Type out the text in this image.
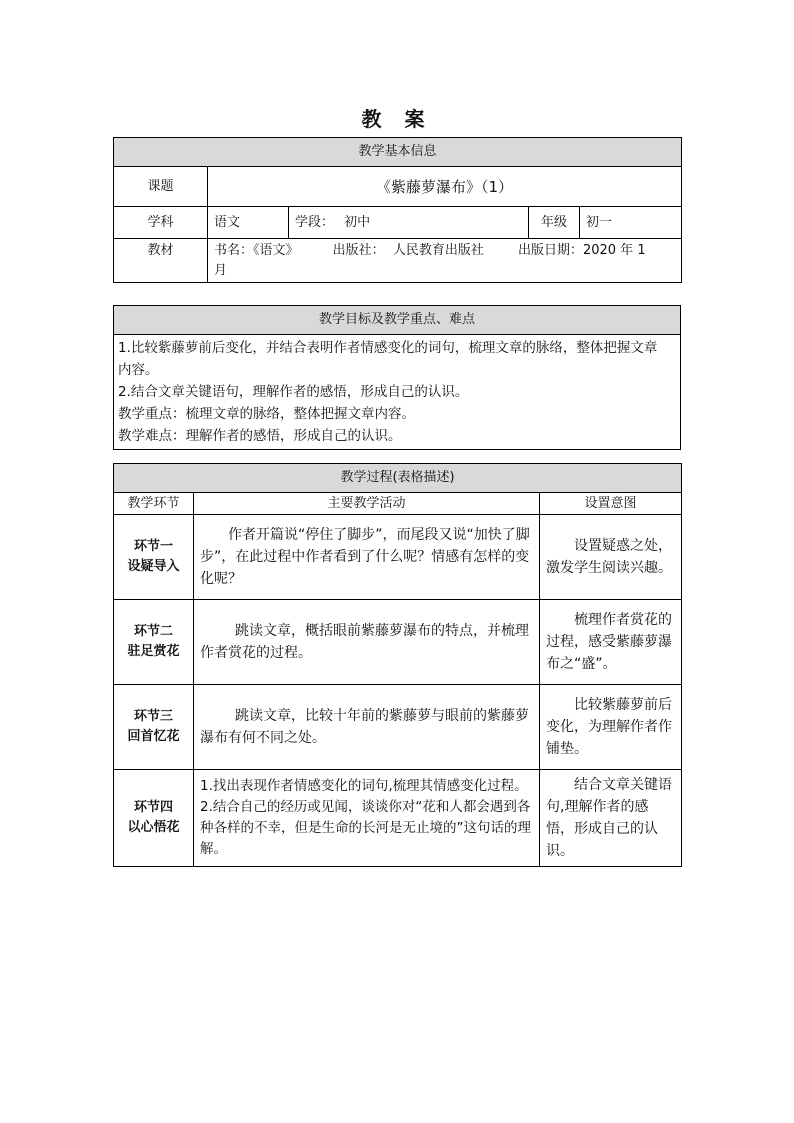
教 案
教学基本信息				
课题	《紫藤萝瀑布》（1）			
学科	语文	学段： 初中	年级	初一
教材	书名：《语文》 出版社： 人民教育出版社 出版日期：2020 年 1
月			
教学目标及教学重点、难点

1.比较紫藤萝前后变化，并结合表明作者情感变化的词句，梳理文章的脉络，整体把握文章
内容。
2.结合文章关键语句，理解作者的感悟，形成自己的认识。
教学重点：梳理文章的脉络，整体把握文章内容。
教学难点：理解作者的感悟，形成自己的认识。
教学过程(表格描述)		
教学环节	主要教学活动	设置意图
环节一
设疑导入	作者开篇说“停住了脚步”，而尾段又说“加快了脚步”，在此过程中作者看到了什么呢？情感有怎样的变化呢？	设置疑惑之处，激发学生阅读兴趣。
环节二
驻足赏花	跳读文章，概括眼前紫藤萝瀑布的特点，并梳理作者赏花的过程。	梳理作者赏花的过程，感受紫藤萝瀑布之“盛”。
环节三
回首忆花	跳读文章，比较十年前的紫藤萝与眼前的紫藤萝瀑布有何不同之处。	比较紫藤萝前后变化，为理解作者作铺垫。
环节四
以心悟花	1.找出表现作者情感变化的词句,梳理其情感变化过程。
2.结合自己的经历或见闻，谈谈你对“花和人都会遇到各种各样的不幸，但是生命的长河是无止境的”这句话的理解。	结合文章关键语句,理解作者的感悟，形成自己的认识。
